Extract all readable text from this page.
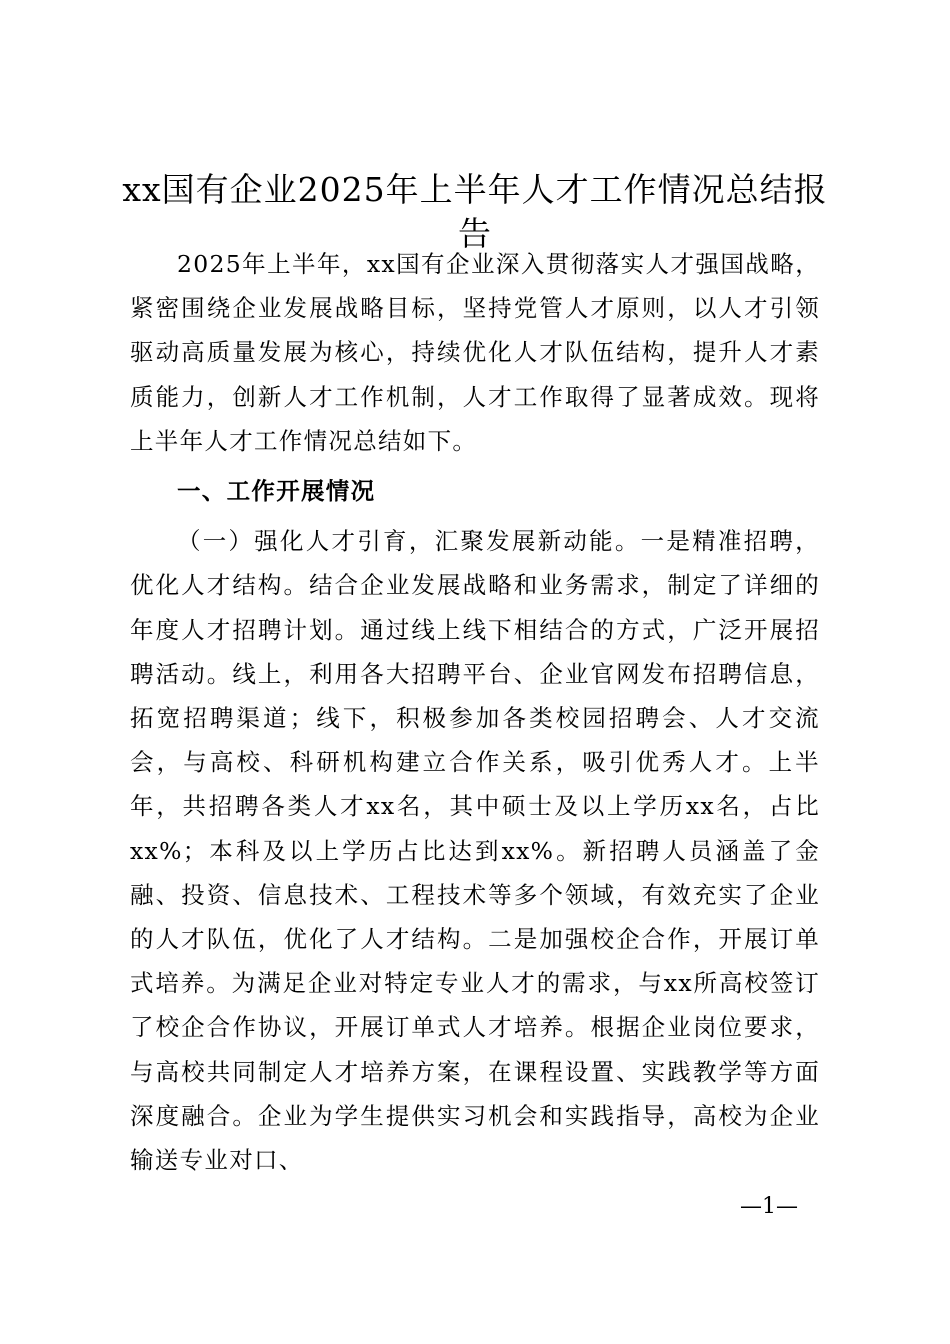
xx国有企业2025年上半年人才工作情况总结报告

2025年上半年，xx国有企业深入贯彻落实人才强国战略，紧密围绕企业发展战略目标，坚持党管人才原则，以人才引领驱动高质量发展为核心，持续优化人才队伍结构，提升人才素质能力，创新人才工作机制，人才工作取得了显著成效。现将上半年人才工作情况总结如下。

一、工作开展情况

（一）强化人才引育，汇聚发展新动能。一是精准招聘，优化人才结构。结合企业发展战略和业务需求，制定了详细的年度人才招聘计划。通过线上线下相结合的方式，广泛开展招聘活动。线上，利用各大招聘平台、企业官网发布招聘信息，拓宽招聘渠道；线下，积极参加各类校园招聘会、人才交流会，与高校、科研机构建立合作关系，吸引优秀人才。上半年，共招聘各类人才xx名，其中硕士及以上学历xx名，占比xx%；本科及以上学历占比达到xx%。新招聘人员涵盖了金融、投资、信息技术、工程技术等多个领域，有效充实了企业的人才队伍，优化了人才结构。二是加强校企合作，开展订单式培养。为满足企业对特定专业人才的需求，与xx所高校签订了校企合作协议，开展订单式人才培养。根据企业岗位要求，与高校共同制定人才培养方案，在课程设置、实践教学等方面深度融合。企业为学生提供实习机会和实践指导，高校为企业输送专业对口、

—1—
